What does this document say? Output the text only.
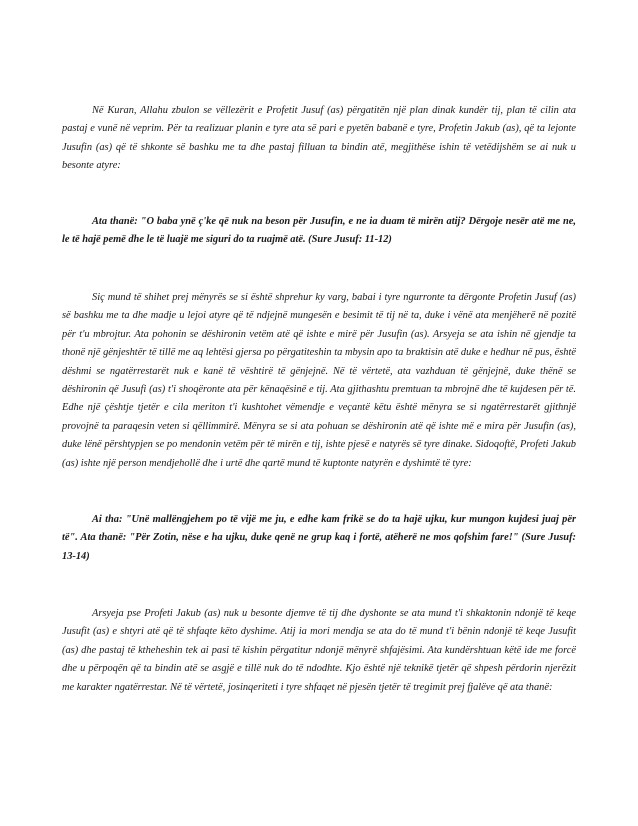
Në Kuran, Allahu zbulon se vëllezërit e Profetit Jusuf (as) përgatitën një plan dinak kundër tij, plan të cilin ata pastaj e vunë në veprim. Për ta realizuar planin e tyre ata së pari e pyetën babanë e tyre, Profetin Jakub (as), që ta lejonte Jusufin (as) që të shkonte së bashku me ta dhe pastaj filluan ta bindin atë, megjithëse ishin të vetëdijshëm se ai nuk u besonte atyre:

Ata thanë: "O baba ynë ç'ke që nuk na beson për Jusufin, e ne ia duam të mirën atij? Dërgoje nesër atë me ne, le të hajë pemë dhe le të luajë me siguri do ta ruajmë atë. (Sure Jusuf: 11-12)

Siç mund të shihet prej mënyrës se si është shprehur ky varg, babai i tyre ngurronte ta dërgonte Profetin Jusuf (as) së bashku me ta dhe madje u lejoi atyre që të ndjejnë mungesën e besimit të tij në ta, duke i vënë ata menjëherë në pozitë për t'u mbrojtur. Ata pohonin se dëshironin vetëm atë që ishte e mirë për Jusufin (as). Arsyeja se ata ishin në gjendje ta thonë një gënjeshtër të tillë me aq lehtësi gjersa po përgatiteshin ta mbysin apo ta braktisin atë duke e hedhur në pus, është dëshmi se ngatërrestarët nuk e kanë të vështirë të gënjejnë. Në të vërtetë, ata vazhduan të gënjejnë, duke thënë se dëshironin që Jusufi (as) t'i shoqëronte ata për kënaqësinë e tij. Ata gjithashtu premtuan ta mbrojnë dhe të kujdesen për të. Edhe një çështje tjetër e cila meriton t'i kushtohet vëmendje e veçantë këtu është mënyra se si ngatërrestarët gjithnjë provojnë ta paraqesin veten si qëllimmirë. Mënyra se si ata pohuan se dëshironin atë që ishte më e mira për Jusufin (as), duke lënë përshtypjen se po mendonin vetëm për të mirën e tij, ishte pjesë e natyrës së tyre dinake. Sidoqoftë, Profeti Jakub (as) ishte një person mendjehollë dhe i urtë dhe qartë mund të kuptonte natyrën e dyshimtë të tyre:

Ai tha: "Unë mallëngjehem po të vijë me ju, e edhe kam frikë se do ta hajë ujku, kur mungon kujdesi juaj për të". Ata thanë: "Për Zotin, nëse e ha ujku, duke qenë ne grup kaq i fortë, atëherë ne mos qofshim fare!" (Sure Jusuf: 13-14)

Arsyeja pse Profeti Jakub (as) nuk u besonte djemve të tij dhe dyshonte se ata mund t'i shkaktonin ndonjë të keqe Jusufit (as) e shtyri atë që të shfaqte këto dyshime. Atij ia mori mendja se ata do të mund t'i bënin ndonjë të keqe Jusufit (as) dhe pastaj të ktheheshin tek ai pasi të kishin përgatitur ndonjë mënyrë shfajësimi. Ata kundërshtuan këtë ide me forcë dhe u përpoqën që ta bindin atë se asgjë e tillë nuk do të ndodhte. Kjo është një teknikë tjetër që shpesh përdorin njerëzit me karakter ngatërrestar. Në të vërtetë, josinqeriteti i tyre shfaqet në pjesën tjetër të tregimit prej fjalëve që ata thanë:
